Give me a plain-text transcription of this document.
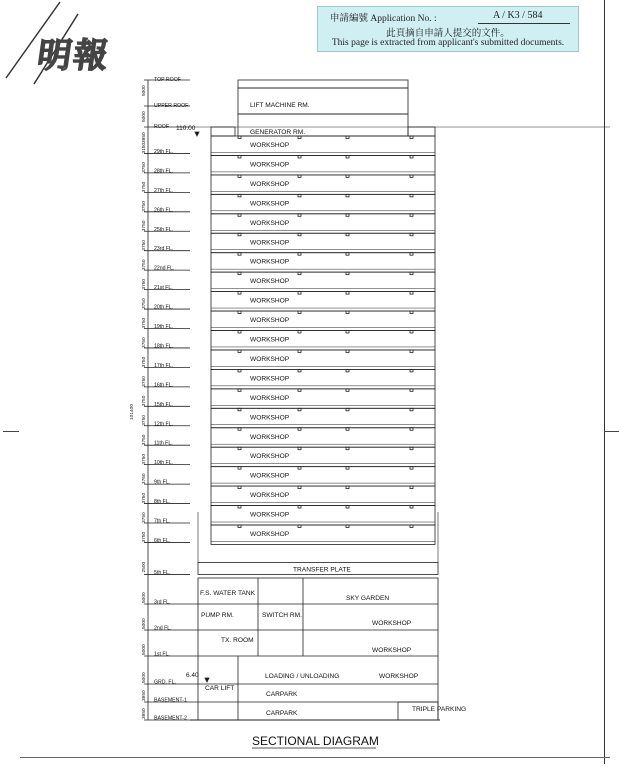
明報
申請編號 Application No. :	A / K3 / 584
此頁摘自申請人提交的文件。
This page is extracted from applicant's submitted documents.
101400
TOP ROOF
5000
UPPER ROOF
5000
ROOF
3950
LIFT MACHINE RM.
GENERATOR RM.
110.00
WORKSHOP
29th FL.
3150
WORKSHOP
28th FL.
3750
WORKSHOP
27th FL.
3750
WORKSHOP
26th FL.
3750
WORKSHOP
25th FL.
3750
WORKSHOP
23rd FL.
3750
WORKSHOP
22nd FL.
3750
WORKSHOP
21st FL.
3750
WORKSHOP
20th FL.
3750
WORKSHOP
19th FL.
3750
WORKSHOP
18th FL.
3750
WORKSHOP
17th FL.
3750
WORKSHOP
16th FL.
3750
WORKSHOP
15th FL.
3750
WORKSHOP
12th FL.
3750
WORKSHOP
11th FL.
3750
WORKSHOP
10th FL.
3750
WORKSHOP
9th FL.
3750
WORKSHOP
8th FL.
3750
WORKSHOP
7th FL.
3750
WORKSHOP
6th FL.
3750
TRANSFER PLATE
5th FL.
2500
F.S. WATER TANK
PUMP RM.	SWITCH RM.
SKY GARDEN
TX. ROOM
WORKSHOP
WORKSHOP
WORKSHOP
CAR LIFT
LOADING / UNLOADING
CARPARK
CARPARK
TRIPLE PARKING
6.40
3rd FL.
5000
2nd FL.
5000
1st FL.
5000
GRD. FL.
5000
BASEMENT-1
3950
BASEMENT-2
3950
SECTIONAL DIAGRAM
